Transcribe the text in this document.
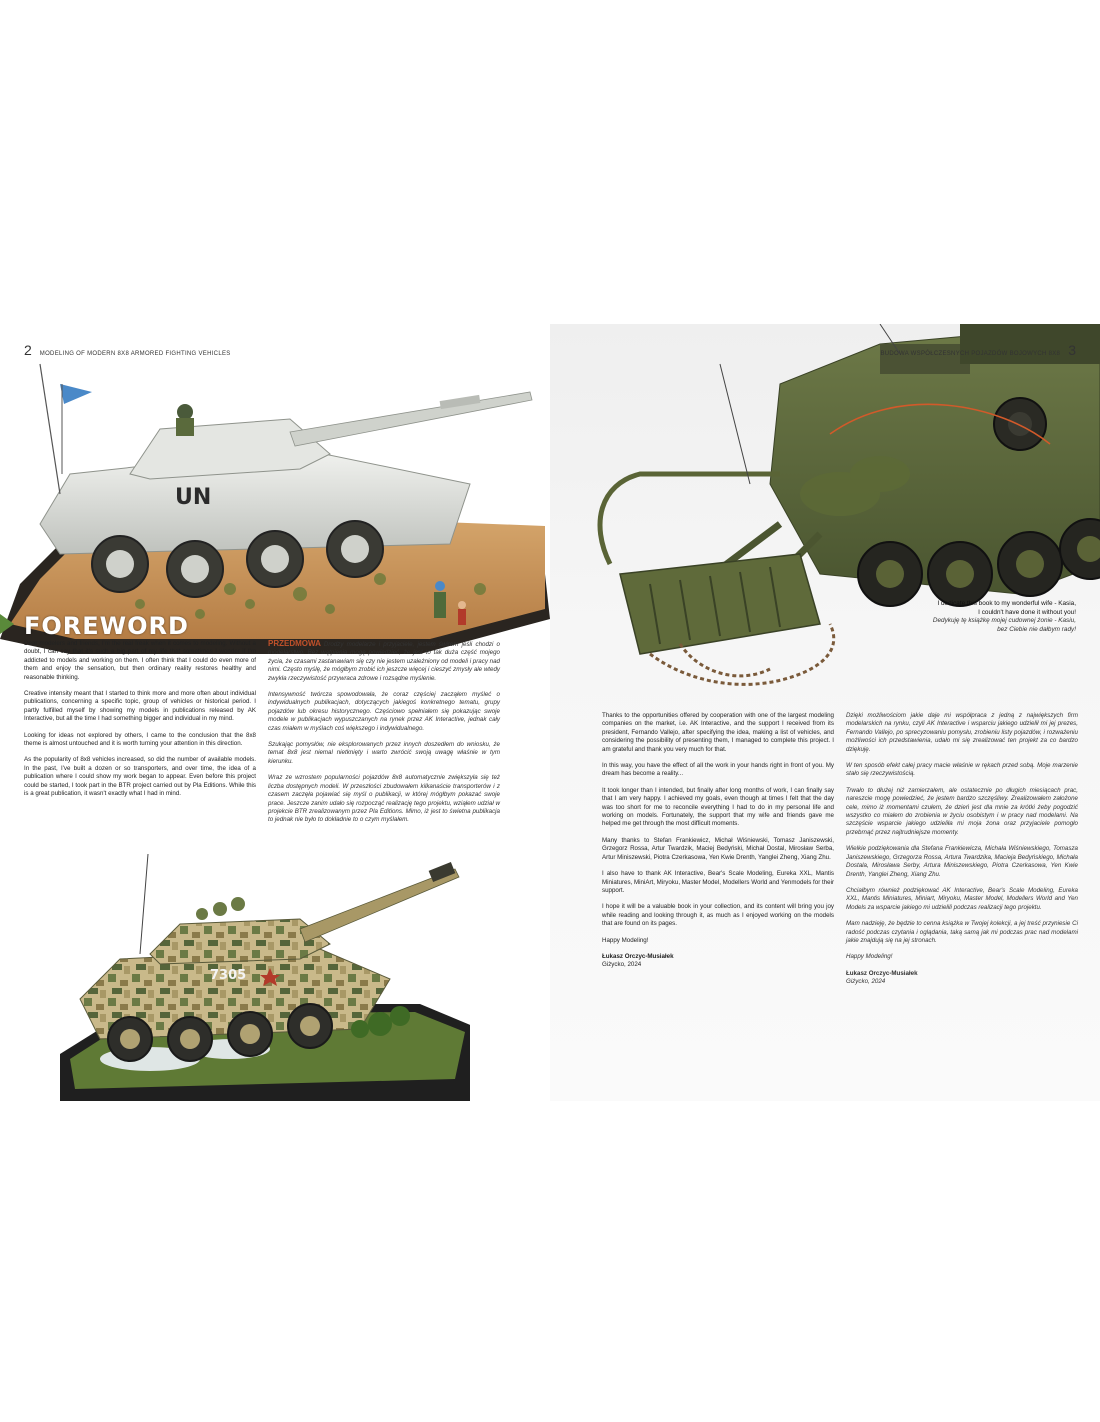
2 MODELING OF MODERN 8X8 ARMORED FIGHTING VEHICLES
UN
FOREWORD

Dear modelers and friends, I'm the real freak when it comes to modeling. Without a doubt, I can say that it's such a big part of my life that sometimes I wonder if I'm addicted to models and working on them. I often think that I could do even more of them and enjoy the sensation, but then ordinary reality restores healthy and reasonable thinking.

Creative intensity meant that I started to think more and more often about individual publications, concerning a specific topic, group of vehicles or historical period. I partly fulfilled myself by showing my models in publications released by AK Interactive, but all the time I had something bigger and individual in my mind.

Looking for ideas not explored by others, I came to the conclusion that the 8x8 theme is almost untouched and it is worth turning your attention in this direction.

As the popularity of 8x8 vehicles increased, so did the number of available models. In the past, I've built a dozen or so transporters, and over time, the idea of a publication where I could show my work began to appear. Even before this project could be started, I took part in the BTR project carried out by Pla Editions. While this is a great publication, it wasn't exactly what I had in mind.

PRZEDMOWA Drodzy modelarze i przyjaciele, jestem świrem jeśli chodzi o modelarstwo. Bez wątpienia mogę powiedzieć, że jest to tak duża część mojego życia, że czasami zastanawiam się czy nie jestem uzależniony od modeli i pracy nad nimi. Często myślę, że mógłbym zrobić ich jeszcze więcej i cieszyć zmysły ale wtedy zwykła rzeczywistość przywraca zdrowe i rozsądne myślenie.

Intensywność twórcza spowodowała, że coraz częściej zacząłem myśleć o indywidualnych publikacjach, dotyczących jakiegoś konkretnego tematu, grupy pojazdów lub okresu historycznego. Częściowo spełniałem się pokazując swoje modele w publikacjach wypuszczanych na rynek przez AK Interactive, jednak cały czas miałem w myślach coś większego i indywidualnego.

Szukając pomysłów, nie eksplorowanych przez innych doszedłem do wniosku, że temat 8x8 jest niemal nietknięty i warto zwrócić swoją uwagę właśnie w tym kierunku.

Wraz ze wzrostem popularności pojazdów 8x8 automatycznie zwiększyła się też liczba dostępnych modeli. W przeszłości zbudowałem kilkanaście transporterów i z czasem zaczęła pojawiać się myśl o publikacji, w której mógłbym pokazać swoje prace. Jeszcze zanim udało się rozpocząć realizację tego projektu, wziąłem udział w projekcie BTR zrealizowanym przez Pla Editions. Mimo, iż jest to świetna publikacja to jednak nie było to dokładnie to o czym myślałem.

7305
BUDOWA WSPÓŁCZESNYCH POJAZDÓW BOJOWYCH 8X8 3
I dedicate this book to my wonderful wife - Kasia,
I couldn't have done it without you!
Dedykuję tę książkę mojej cudownej żonie - Kasiu,
bez Ciebie nie dałbym rady!

Thanks to the opportunities offered by cooperation with one of the largest modeling companies on the market, i.e. AK Interactive, and the support I received from its president, Fernando Vallejo, after specifying the idea, making a list of vehicles, and considering the possibility of presenting them, I managed to complete this project. I am grateful and thank you very much for that.

In this way, you have the effect of all the work in your hands right in front of you. My dream has become a reality...

It took longer than I intended, but finally after long months of work, I can finally say that I am very happy. I achieved my goals, even though at times I felt that the day was too short for me to reconcile everything I had to do in my personal life and working on models. Fortunately, the support that my wife and friends gave me helped me get through the most difficult moments.

Many thanks to Stefan Frankiewicz, Michał Wiśniewski, Tomasz Janiszewski, Grzegorz Rossa, Artur Twardzik, Maciej Bedyński, Michał Dostal, Mirosław Serba, Artur Miniszewski, Piotra Czerkasowa, Yen Kwie Drenth, Yanglei Zheng, Xiang Zhu.

I also have to thank AK Interactive, Bear's Scale Modeling, Eureka XXL, Mantis Miniatures, MiniArt, Miryoku, Master Model, Modellers World and Yenmodels for their support.

I hope it will be a valuable book in your collection, and its content will bring you joy while reading and looking through it, as much as I enjoyed working on the models that are found on its pages.

Happy Modeling!

Łukasz Orczyc-Musiałek
Giżycko, 2024

Dzięki możliwościom jakie daje mi współpraca z jedną z największych firm modelarskich na rynku, czyli AK Interactive i wsparciu jakiego udzielił mi jej prezes, Fernando Vallejo, po sprecyzowaniu pomysłu, zrobieniu listy pojazdów, i rozważeniu możliwości ich przedstawienia, udało mi się zrealizować ten projekt za co bardzo dziękuję.

W ten sposób efekt całej pracy macie właśnie w rękach przed sobą. Moje marzenie stało się rzeczywistością.

Trwało to dłużej niż zamierzałem, ale ostatecznie po długich miesiącach prac, nareszcie mogę powiedzieć, że jestem bardzo szczęśliwy. Zrealizowałem założone cele, mimo iż momentami czułem, że dzień jest dla mnie za krótki żeby pogodzić wszystko co miałem do zrobienia w życiu osobistym i w pracy nad modelami. Na szczęście wsparcie jakiego udzieliła mi moja żona oraz przyjaciele pomogło przebrnąć przez najtrudniejsze momenty.

Wielkie podziękowania dla Stefana Frankiewicza, Michała Wiśniewskiego, Tomasza Janiszewskiego, Grzegorza Rossa, Artura Twardzika, Macieja Bedyńskiego, Michała Dostala, Mirosława Serby, Artura Miniszewskiego, Piotra Czerkasowa, Yen Kwie Drenth, Yanglei Zheng, Xiang Zhu.

Chciałbym również podziękować AK Interactive, Bear's Scale Modeling, Eureka XXL, Mantis Miniatures, Miniart, Miryoku, Master Model, Modellers World and Yen Models za wsparcie jakiego mi udzielili podczas realizacji tego projektu.

Mam nadzieję, że będzie to cenna książka w Twojej kolekcji, a jej treść przyniesie Ci radość podczas czytania i oglądania, taką samą jak mi podczas prac nad modelami jakie znajdują się na jej stronach.

Happy Modeling!

Łukasz Orczyc-Musiałek
Giżycko, 2024
